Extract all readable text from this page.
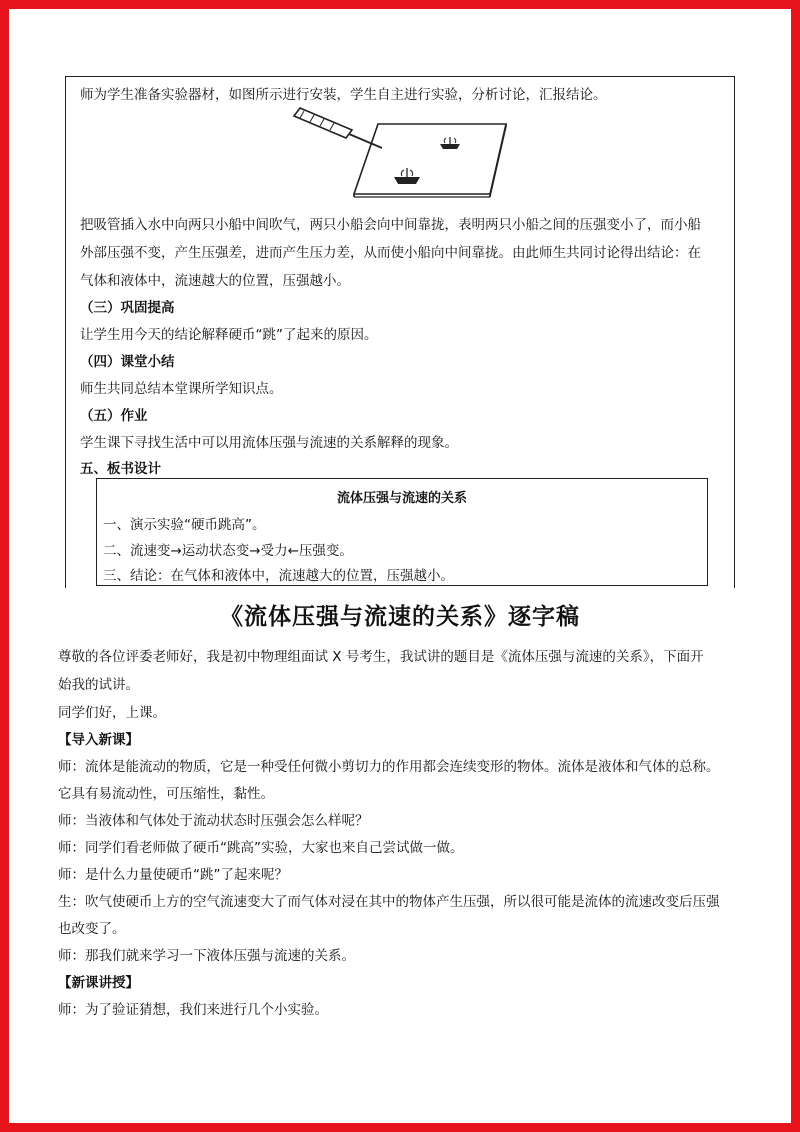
师为学生准备实验器材，如图所示进行安装，学生自主进行实验，分析讨论，汇报结论。
把吸管插入水中向两只小船中间吹气，两只小船会向中间靠拢，表明两只小船之间的压强变小了，而小船
外部压强不变，产生压强差，进而产生压力差，从而使小船向中间靠拢。由此师生共同讨论得出结论：在
气体和液体中，流速越大的位置，压强越小。
（三）巩固提高
让学生用今天的结论解释硬币“跳”了起来的原因。
（四）课堂小结
师生共同总结本堂课所学知识点。
（五）作业
学生课下寻找生活中可以用流体压强与流速的关系解释的现象。
五、板书设计
流体压强与流速的关系
一、演示实验“硬币跳高”。
二、流速变→运动状态变→受力←压强变。
三、结论：在气体和液体中，流速越大的位置，压强越小。
《流体压强与流速的关系》逐字稿
尊敬的各位评委老师好，我是初中物理组面试 X 号考生，我试讲的题目是《流体压强与流速的关系》，下面开
始我的试讲。
同学们好，上课。
【导入新课】
师：流体是能流动的物质，它是一种受任何微小剪切力的作用都会连续变形的物体。流体是液体和气体的总称。
它具有易流动性，可压缩性，黏性。
师：当液体和气体处于流动状态时压强会怎么样呢？
师：同学们看老师做了硬币“跳高”实验，大家也来自己尝试做一做。
师：是什么力量使硬币“跳”了起来呢？
生：吹气使硬币上方的空气流速变大了而气体对浸在其中的物体产生压强，所以很可能是流体的流速改变后压强
也改变了。
师：那我们就来学习一下液体压强与流速的关系。
【新课讲授】
师：为了验证猜想，我们来进行几个小实验。
